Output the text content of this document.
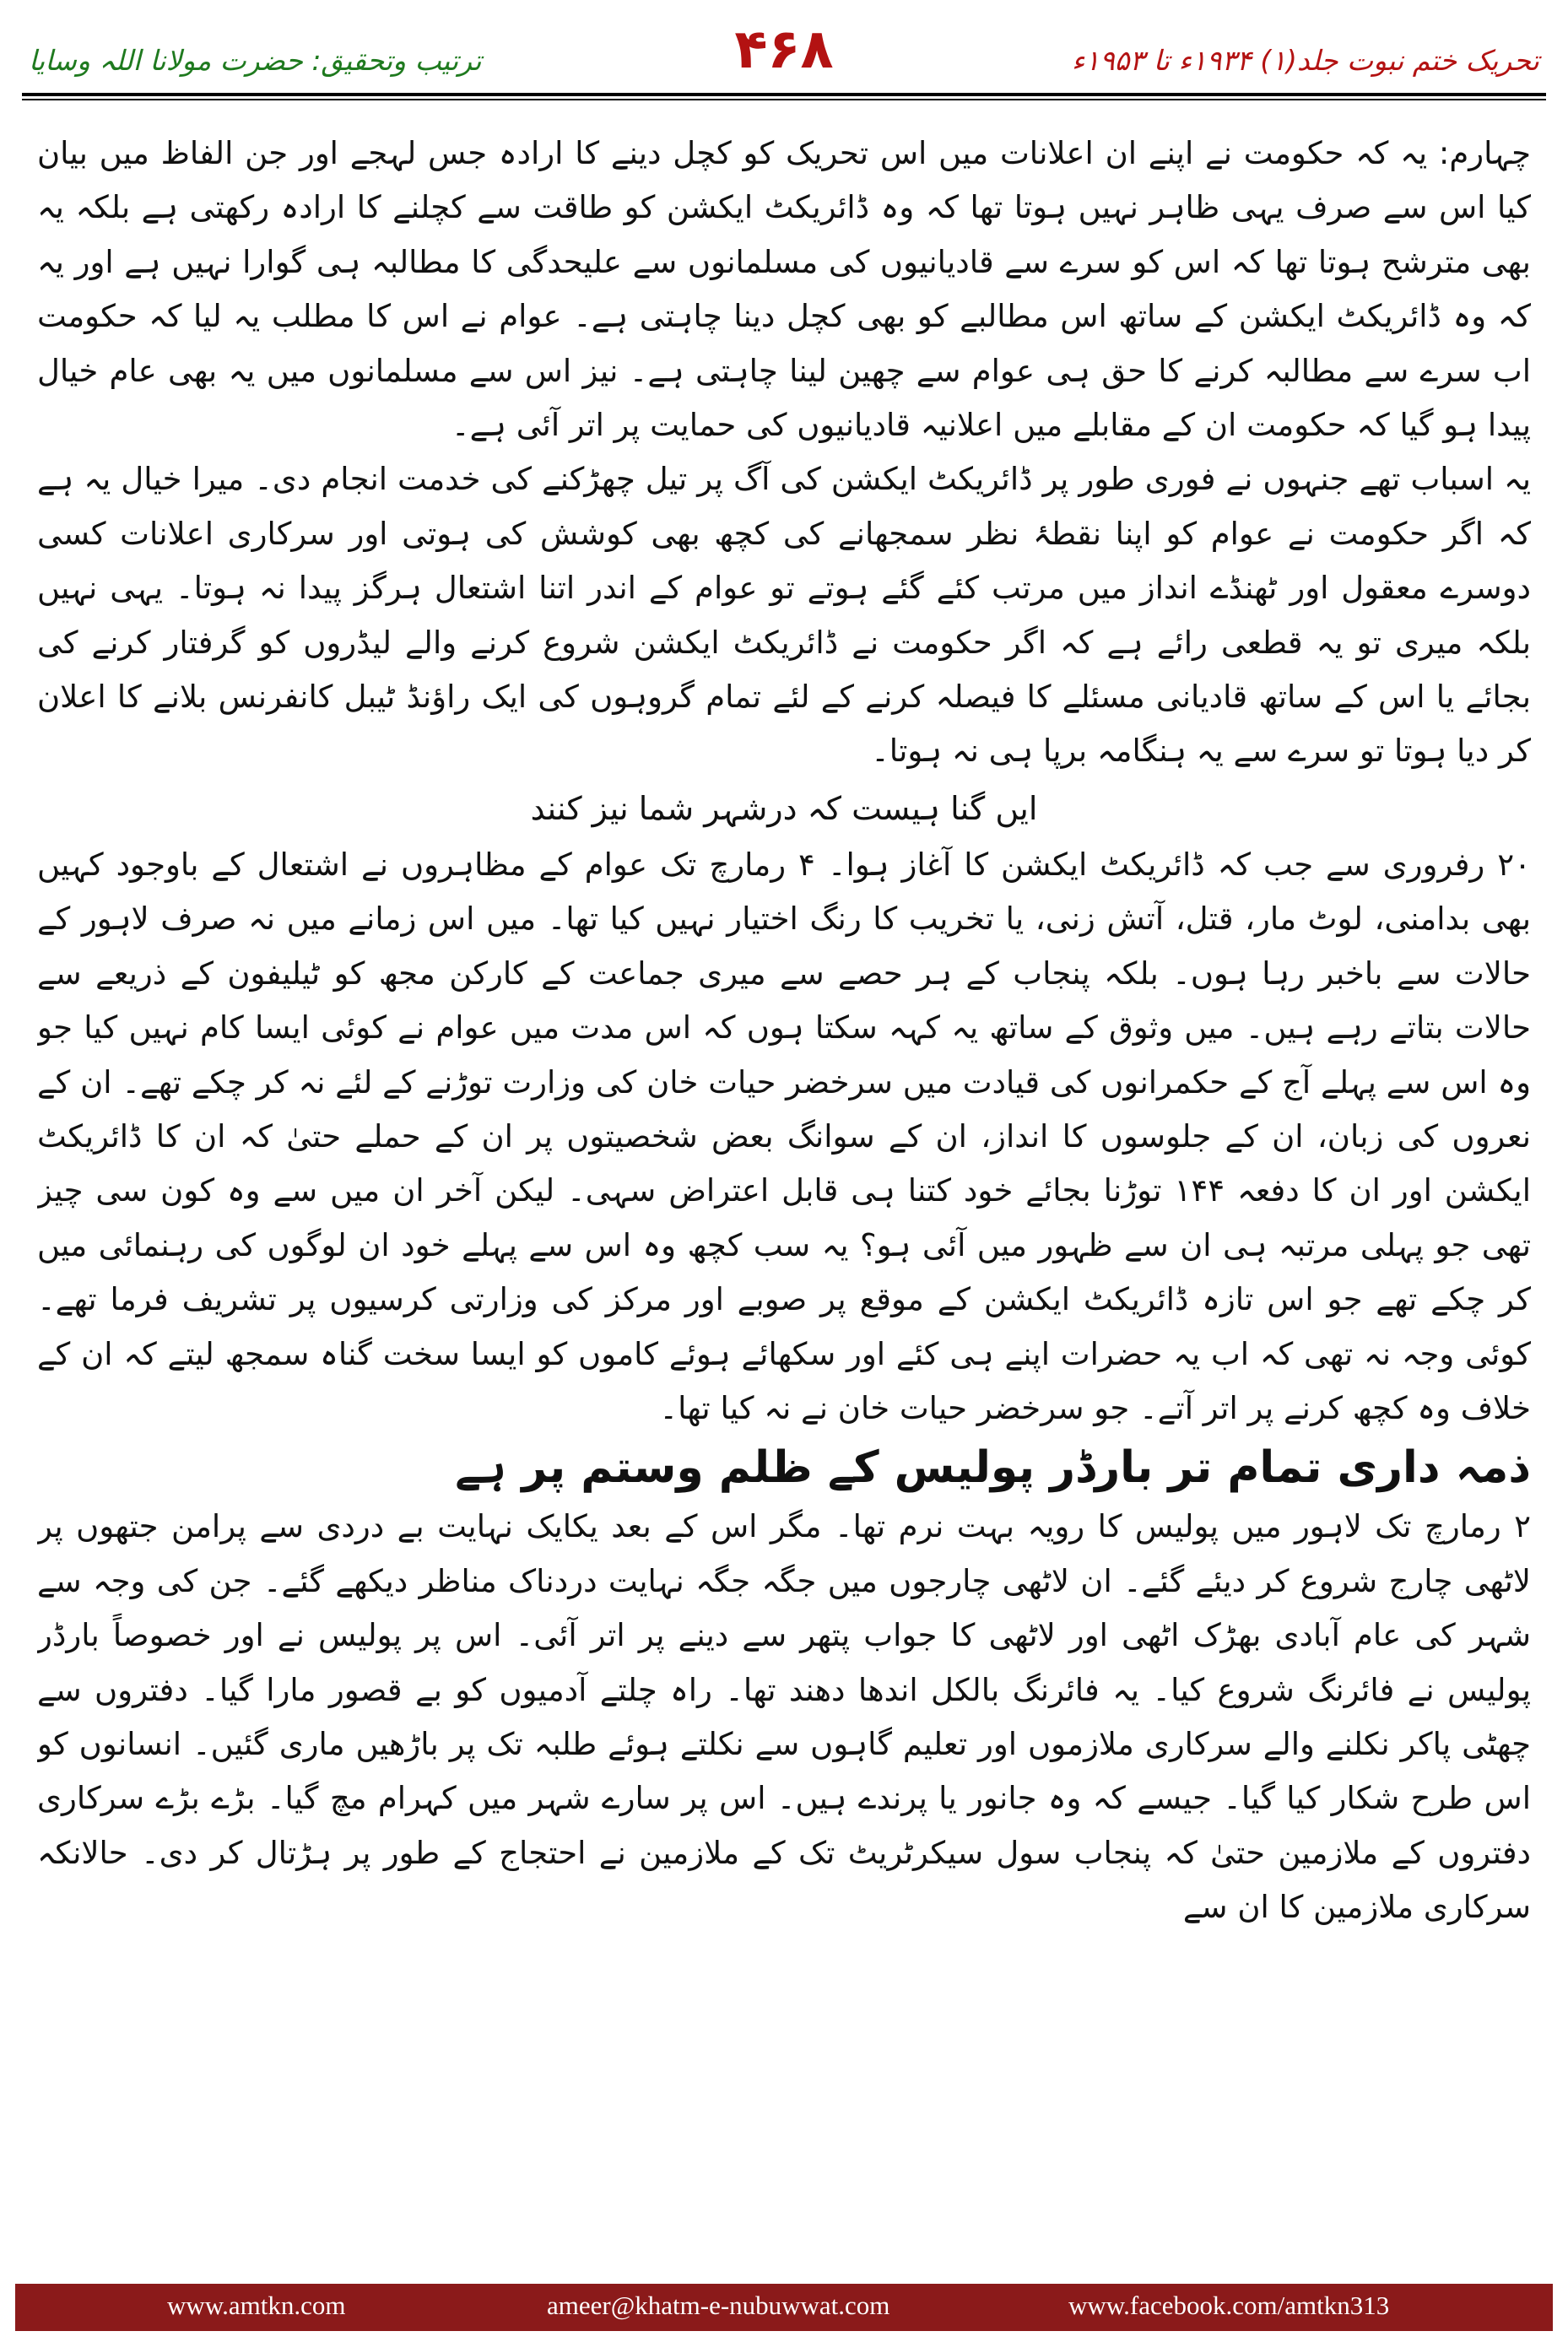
ترتیب وتحقیق: حضرت مولانا اللہ وسایا	۴۶۸	تحریک ختم نبوت جلد(۱) ۱۹۳۴ء تا ۱۹۵۳ء

چہارم: یہ کہ حکومت نے اپنے ان اعلانات میں اس تحریک کو کچل دینے کا ارادہ جس لہجے اور جن الفاظ میں بیان کیا اس سے صرف یہی ظاہر نہیں ہوتا تھا کہ وہ ڈائریکٹ ایکشن کو طاقت سے کچلنے کا ارادہ رکھتی ہے بلکہ یہ بھی مترشح ہوتا تھا کہ اس کو سرے سے قادیانیوں کی مسلمانوں سے علیحدگی کا مطالبہ ہی گوارا نہیں ہے اور یہ کہ وہ ڈائریکٹ ایکشن کے ساتھ اس مطالبے کو بھی کچل دینا چاہتی ہے۔ عوام نے اس کا مطلب یہ لیا کہ حکومت اب سرے سے مطالبہ کرنے کا حق ہی عوام سے چھین لینا چاہتی ہے۔ نیز اس سے مسلمانوں میں یہ بھی عام خیال پیدا ہو گیا کہ حکومت ان کے مقابلے میں اعلانیہ قادیانیوں کی حمایت پر اتر آئی ہے۔

یہ اسباب تھے جنہوں نے فوری طور پر ڈائریکٹ ایکشن کی آگ پر تیل چھڑکنے کی خدمت انجام دی۔ میرا خیال یہ ہے کہ اگر حکومت نے عوام کو اپنا نقطۂ نظر سمجھانے کی کچھ بھی کوشش کی ہوتی اور سرکاری اعلانات کسی دوسرے معقول اور ٹھنڈے انداز میں مرتب کئے گئے ہوتے تو عوام کے اندر اتنا اشتعال ہرگز پیدا نہ ہوتا۔ یہی نہیں بلکہ میری تو یہ قطعی رائے ہے کہ اگر حکومت نے ڈائریکٹ ایکشن شروع کرنے والے لیڈروں کو گرفتار کرنے کی بجائے یا اس کے ساتھ قادیانی مسئلے کا فیصلہ کرنے کے لئے تمام گروہوں کی ایک راؤنڈ ٹیبل کانفرنس بلانے کا اعلان کر دیا ہوتا تو سرے سے یہ ہنگامہ برپا ہی نہ ہوتا۔

ایں گنا ہیست کہ درشہر شما نیز کنند

۲۰ رفروری سے جب کہ ڈائریکٹ ایکشن کا آغاز ہوا۔ ۴ رمارچ تک عوام کے مظاہروں نے اشتعال کے باوجود کہیں بھی بدامنی، لوٹ مار، قتل، آتش زنی، یا تخریب کا رنگ اختیار نہیں کیا تھا۔ میں اس زمانے میں نہ صرف لاہور کے حالات سے باخبر رہا ہوں۔ بلکہ پنجاب کے ہر حصے سے میری جماعت کے کارکن مجھ کو ٹیلیفون کے ذریعے سے حالات بتاتے رہے ہیں۔ میں وثوق کے ساتھ یہ کہہ سکتا ہوں کہ اس مدت میں عوام نے کوئی ایسا کام نہیں کیا جو وہ اس سے پہلے آج کے حکمرانوں کی قیادت میں سرخضر حیات خان کی وزارت توڑنے کے لئے نہ کر چکے تھے۔ ان کے نعروں کی زبان، ان کے جلوسوں کا انداز، ان کے سوانگ بعض شخصیتوں پر ان کے حملے حتیٰ کہ ان کا ڈائریکٹ ایکشن اور ان کا دفعہ ۱۴۴ توڑنا بجائے خود کتنا ہی قابل اعتراض سہی۔ لیکن آخر ان میں سے وہ کون سی چیز تھی جو پہلی مرتبہ ہی ان سے ظہور میں آئی ہو؟ یہ سب کچھ وہ اس سے پہلے خود ان لوگوں کی رہنمائی میں کر چکے تھے جو اس تازہ ڈائریکٹ ایکشن کے موقع پر صوبے اور مرکز کی وزارتی کرسیوں پر تشریف فرما تھے۔ کوئی وجہ نہ تھی کہ اب یہ حضرات اپنے ہی کئے اور سکھائے ہوئے کاموں کو ایسا سخت گناہ سمجھ لیتے کہ ان کے خلاف وہ کچھ کرنے پر اتر آتے۔ جو سرخضر حیات خان نے نہ کیا تھا۔

ذمہ داری تمام تر بارڈر پولیس کے ظلم وستم پر ہے

۲ رمارچ تک لاہور میں پولیس کا رویہ بہت نرم تھا۔ مگر اس کے بعد یکایک نہایت بے دردی سے پرامن جتھوں پر لاٹھی چارج شروع کر دیئے گئے۔ ان لاٹھی چارجوں میں جگہ جگہ نہایت دردناک مناظر دیکھے گئے۔ جن کی وجہ سے شہر کی عام آبادی بھڑک اٹھی اور لاٹھی کا جواب پتھر سے دینے پر اتر آئی۔ اس پر پولیس نے اور خصوصاً بارڈر پولیس نے فائرنگ شروع کیا۔ یہ فائرنگ بالکل اندھا دھند تھا۔ راہ چلتے آدمیوں کو بے قصور مارا گیا۔ دفتروں سے چھٹی پاکر نکلنے والے سرکاری ملازموں اور تعلیم گاہوں سے نکلتے ہوئے طلبہ تک پر باڑھیں ماری گئیں۔ انسانوں کو اس طرح شکار کیا گیا۔ جیسے کہ وہ جانور یا پرندے ہیں۔ اس پر سارے شہر میں کہرام مچ گیا۔ بڑے بڑے سرکاری دفتروں کے ملازمین حتیٰ کہ پنجاب سول سیکرٹریٹ تک کے ملازمین نے احتجاج کے طور پر ہڑتال کر دی۔ حالانکہ سرکاری ملازمین کا ان سے

www.amtkn.com	ameer@khatm-e-nubuwwat.com	www.facebook.com/amtkn313
